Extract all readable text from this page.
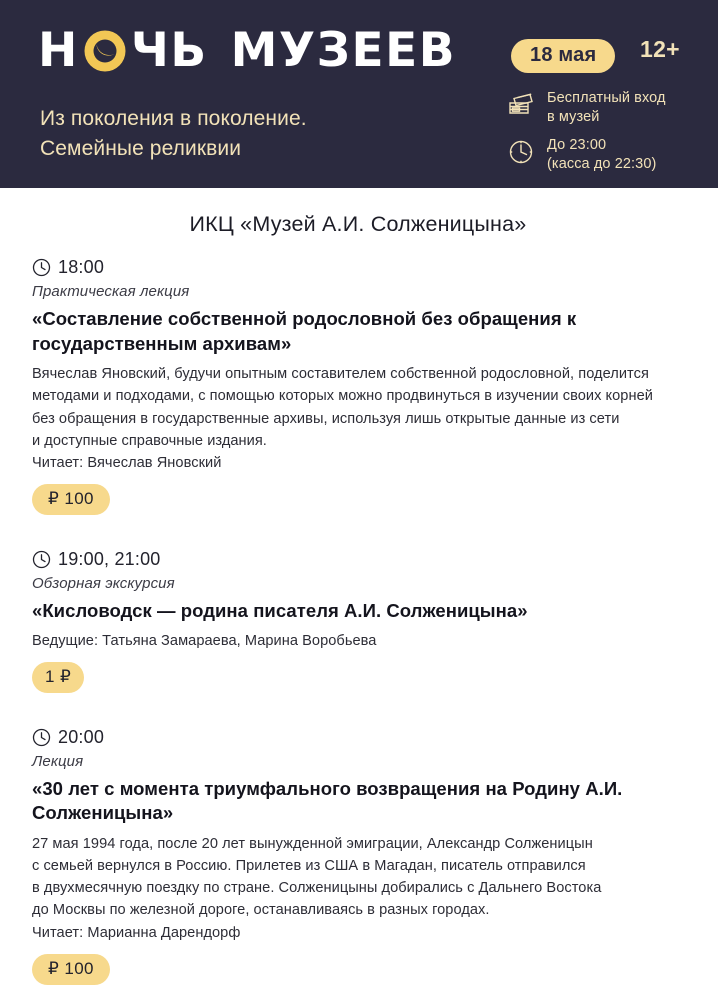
Н ЧЬ МУЗЕЕВ
Из поколения в поколение.
Семейные реликвии
18 мая	12+
Бесплатный вход
в музей
До 23:00
(касса до 22:30)
ИКЦ «Музей А.И. Солженицына»
18:00
Практическая лекция
«Составление собственной родословной без обращения к государственным архивам»
Вячеслав Яновский, будучи опытным составителем собственной родословной, поделится
методами и подходами, с помощью которых можно продвинуться в изучении своих корней
без обращения в государственные архивы, используя лишь открытые данные из сети
и доступные справочные издания.
Читает: Вячеслав Яновский
₽ 100
19:00, 21:00
Обзорная экскурсия
«Кисловодск — родина писателя А.И. Солженицына»
Ведущие: Татьяна Замараева, Марина Воробьева
1 ₽
20:00
Лекция
«30 лет с момента триумфального возвращения на Родину А.И. Солженицына»
27 мая 1994 года, после 20 лет вынужденной эмиграции, Александр Солженицын
с семьей вернулся в Россию. Прилетев из США в Магадан, писатель отправился
в двухмесячную поездку по стране. Солженицыны добирались с Дальнего Востока
до Москвы по железной дороге, останавливаясь в разных городах.
Читает: Марианна Дарендорф
₽ 100
